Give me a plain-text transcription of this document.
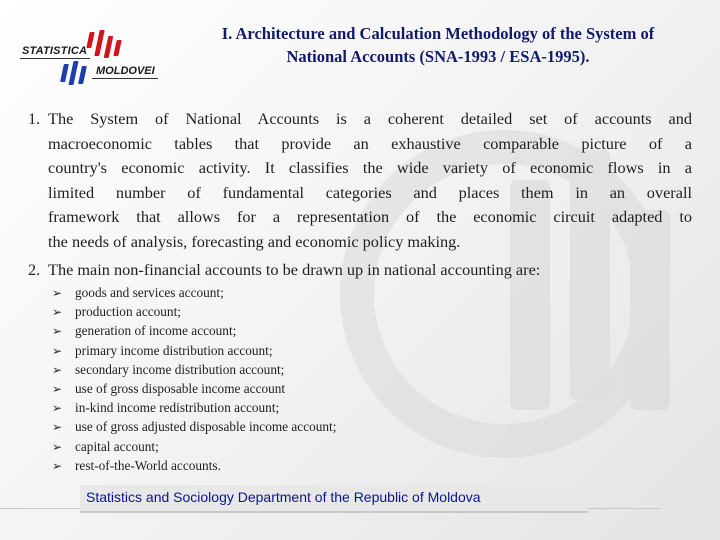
STATISTICA
MOLDOVEI
I. Architecture and Calculation Methodology of the System of
National Accounts (SNA-1993 / ESA-1995).
1. The System of National Accounts is a coherent detailed set of accounts and
macroeconomic tables that provide an exhaustive comparable picture of a
country's economic activity. It classifies the wide variety of economic flows in a
limited number of fundamental categories and places them in an overall
framework that allows for a representation of the economic circuit adapted to
the needs of analysis, forecasting and economic policy making.
2. The main non-financial accounts to be drawn up in national accounting are:
➢ goods and services account;
➢ production account;
➢ generation of income account;
➢ primary income distribution account;
➢ secondary income distribution account;
➢ use of gross disposable income account
➢ in-kind income redistribution account;
➢ use of gross adjusted disposable income account;
➢ capital account;
➢ rest-of-the-World accounts.
Statistics and Sociology Department of the Republic of Moldova
